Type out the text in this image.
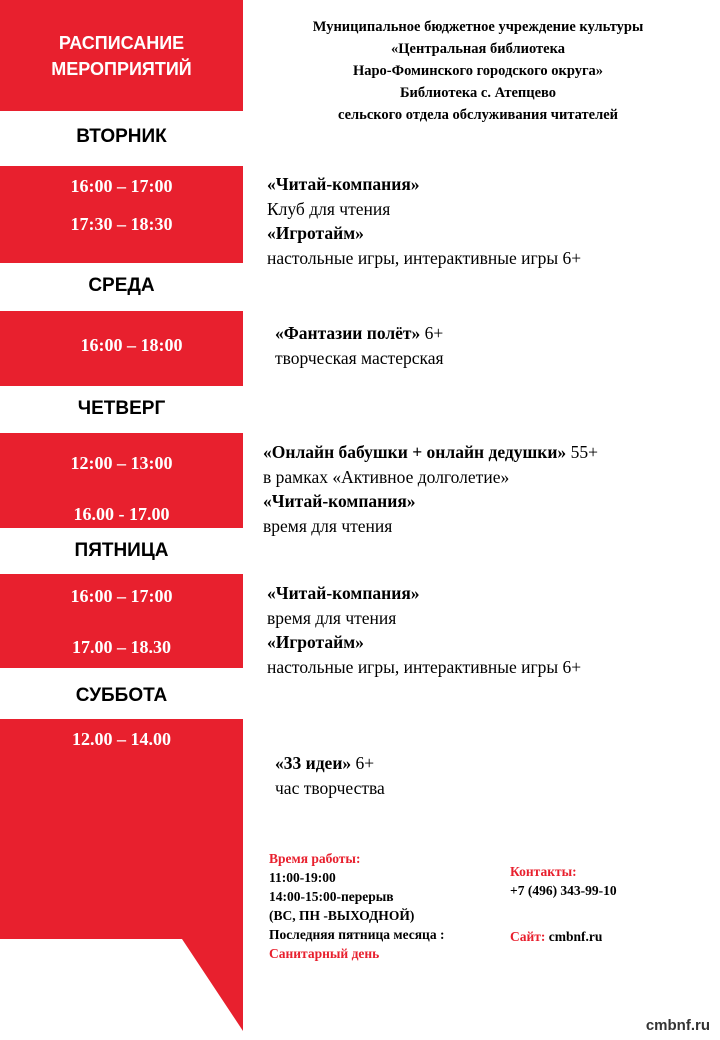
РАСПИСАНИЕ
МЕРОПРИЯТИЙ
Муниципальное бюджетное учреждение культуры
«Центральная библиотека
Наро-Фоминского городского округа»
Библиотека с. Атепцево
сельского отдела обслуживания читателей
ВТОРНИК
СРЕДА
ЧЕТВЕРГ
ПЯТНИЦА
СУББОТА
16:00 – 17:00
17:30 – 18:30
16:00 – 18:00
12:00 – 13:00
16.00 - 17.00
16:00 – 17:00
17.00 – 18.30
12.00 – 14.00
«Читай-компания»
Клуб для чтения
«Игротайм»
настольные игры, интерактивные игры 6+
«Фантазии полёт» 6+
творческая мастерская
«Онлайн бабушки + онлайн дедушки» 55+
в рамках «Активное долголетие»
«Читай-компания»
время для чтения
«Читай-компания»
время для чтения
«Игротайм»
настольные игры, интерактивные игры 6+
«33 идеи» 6+
час творчества
Время работы:
11:00-19:00
14:00-15:00-перерыв
(ВС, ПН -ВЫХОДНОЙ)
Последняя пятница месяца :
Санитарный день
Контакты:
+7 (496) 343-99-10
Сайт: cmbnf.ru
cmbnf.ru
